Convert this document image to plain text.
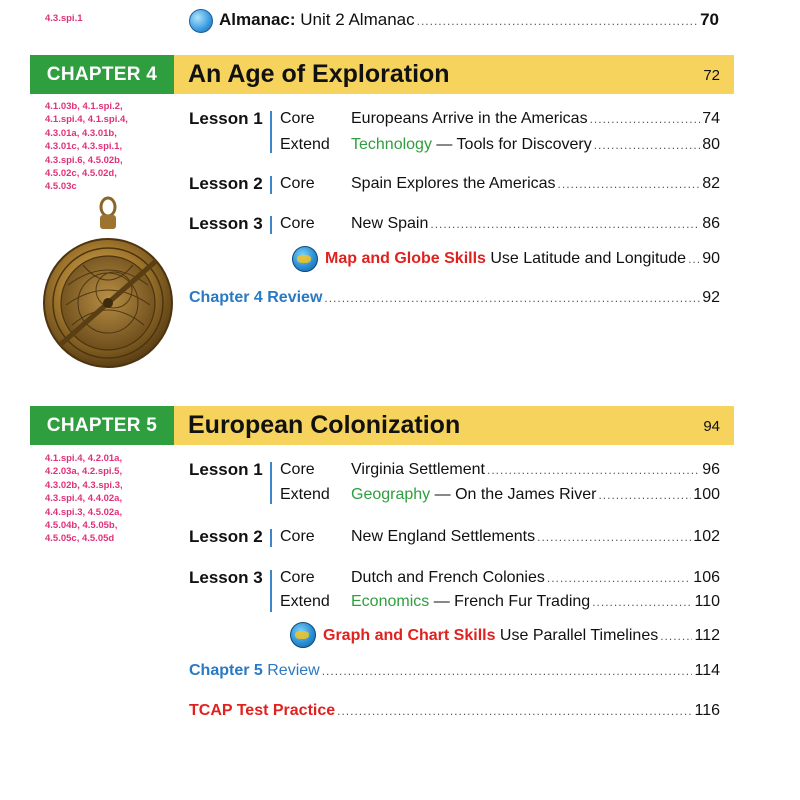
4.3.spi.1	Almanac: Unit 2 Almanac .....	70
CHAPTER 4	An Age of Exploration	72
4.1.03b, 4.1.spi.2,
4.1.spi.4, 4.1.spi.4,
4.3.01a, 4.3.01b,
4.3.01c, 4.3.spi.1,
4.3.spi.6, 4.5.02b,
4.5.02c, 4.5.02d,
4.5.03c
Lesson 1 Core Europeans Arrive in the Americas .....	74
Extend Technology — Tools for Discovery .....	80
Lesson 2 Core Spain Explores the Americas .....	82
Lesson 3 Core New Spain .....	86
Map and Globe Skills Use Latitude and Longitude ..... 90
Chapter 4 Review .....	92
CHAPTER 5	European Colonization	94
4.1.spi.4, 4.2.01a,
4.2.03a, 4.2.spi.5,
4.3.02b, 4.3.spi.3,
4.3.spi.4, 4.4.02a,
4.4.spi.3, 4.5.02a,
4.5.04b, 4.5.05b,
4.5.05c, 4.5.05d
Lesson 1 Core Virginia Settlement .....	96
Extend Geography — On the James River .....	100
Lesson 2 Core New England Settlements .....	102
Lesson 3 Core Dutch and French Colonies .....	106
Extend Economics — French Fur Trading .....	110
Graph and Chart Skills Use Parallel Timelines ..... 112
Chapter 5 Review .....	114
TCAP Test Practice .....	116
